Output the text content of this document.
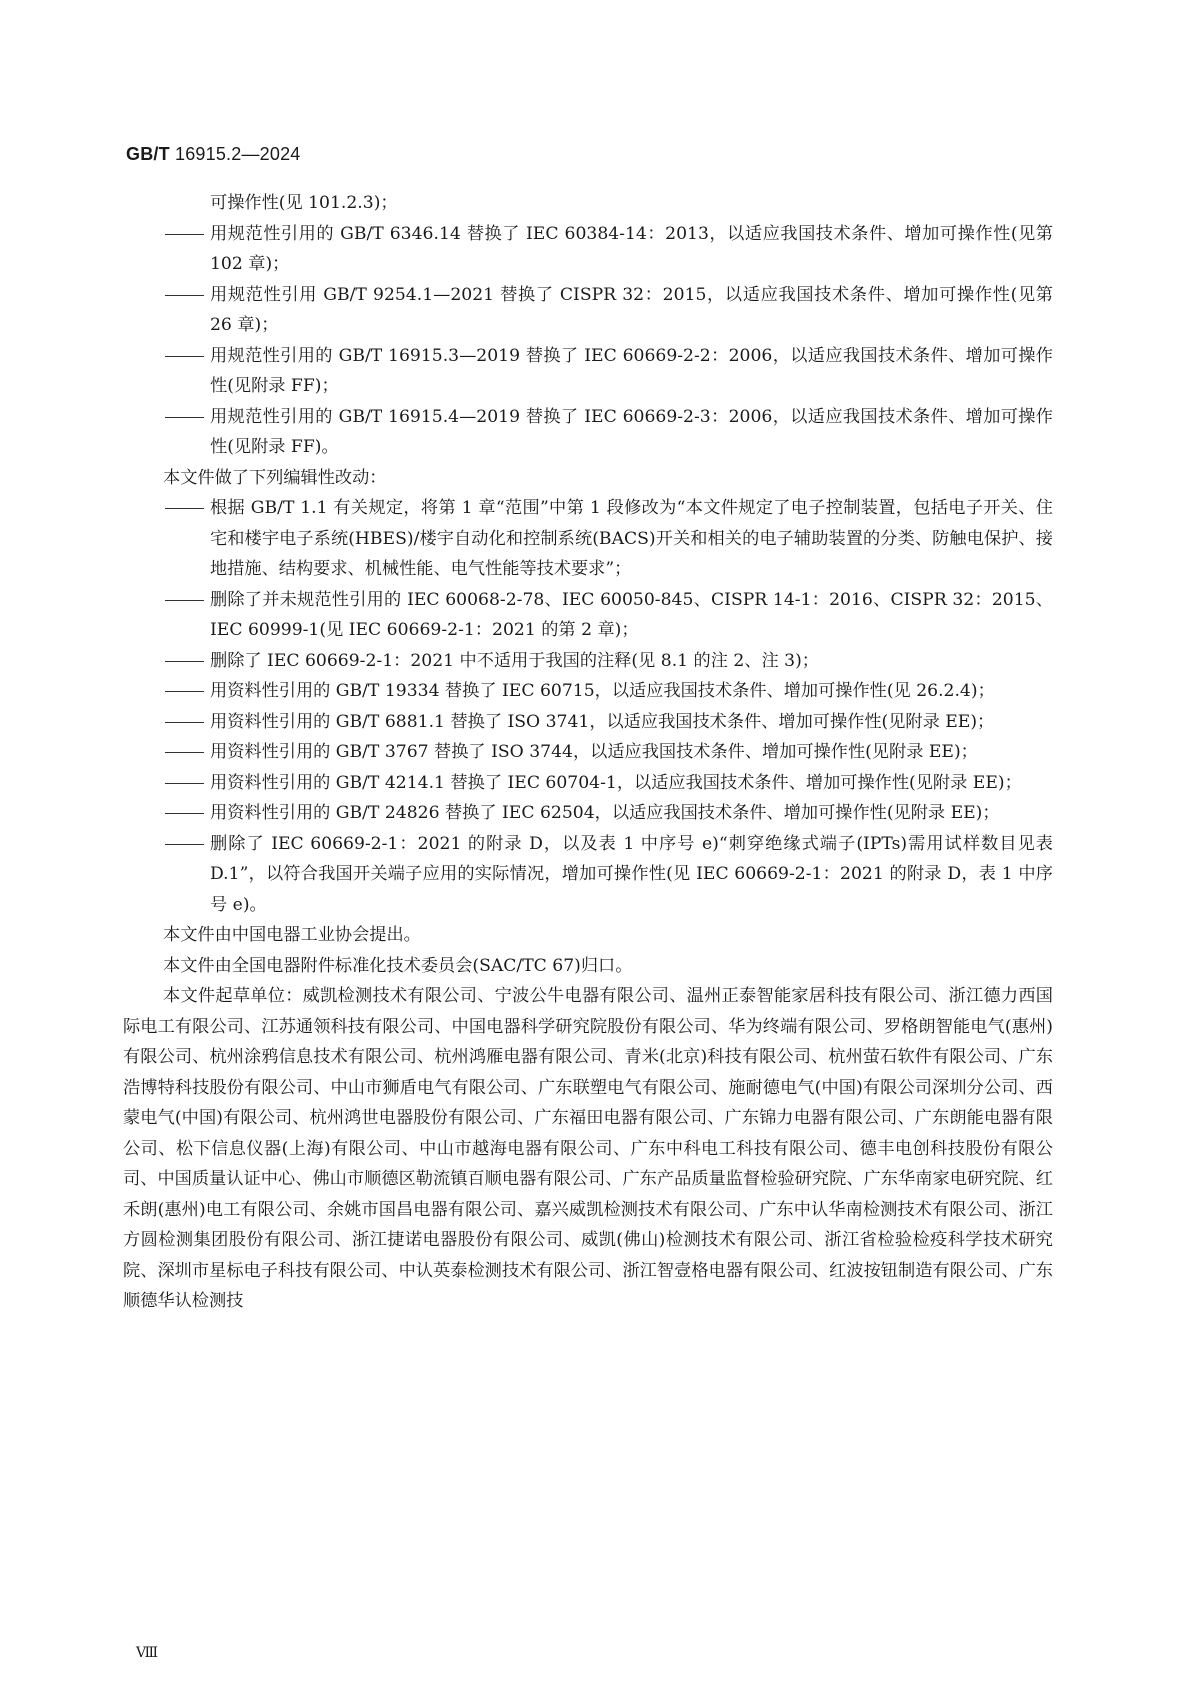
GB/T 16915.2—2024
可操作性(见 101.2.3)；
用规范性引用的 GB/T 6346.14 替换了 IEC 60384-14：2013，以适应我国技术条件、增加可操作性(见第 102 章)；
用规范性引用 GB/T 9254.1—2021 替换了 CISPR 32：2015，以适应我国技术条件、增加可操作性(见第 26 章)；
用规范性引用的 GB/T 16915.3—2019 替换了 IEC 60669-2-2：2006，以适应我国技术条件、增加可操作性(见附录 FF)；
用规范性引用的 GB/T 16915.4—2019 替换了 IEC 60669-2-3：2006，以适应我国技术条件、增加可操作性(见附录 FF)。
本文件做了下列编辑性改动：
根据 GB/T 1.1 有关规定，将第 1 章“范围”中第 1 段修改为“本文件规定了电子控制装置，包括电子开关、住宅和楼宇电子系统(HBES)/楼宇自动化和控制系统(BACS)开关和相关的电子辅助装置的分类、防触电保护、接地措施、结构要求、机械性能、电气性能等技术要求”；
删除了并未规范性引用的 IEC 60068-2-78、IEC 60050-845、CISPR 14-1：2016、CISPR 32：2015、IEC 60999-1(见 IEC 60669-2-1：2021 的第 2 章)；
删除了 IEC 60669-2-1：2021 中不适用于我国的注释(见 8.1 的注 2、注 3)；
用资料性引用的 GB/T 19334 替换了 IEC 60715，以适应我国技术条件、增加可操作性(见 26.2.4)；
用资料性引用的 GB/T 6881.1 替换了 ISO 3741，以适应我国技术条件、增加可操作性(见附录 EE)；
用资料性引用的 GB/T 3767 替换了 ISO 3744，以适应我国技术条件、增加可操作性(见附录 EE)；
用资料性引用的 GB/T 4214.1 替换了 IEC 60704-1，以适应我国技术条件、增加可操作性(见附录 EE)；
用资料性引用的 GB/T 24826 替换了 IEC 62504，以适应我国技术条件、增加可操作性(见附录 EE)；
删除了 IEC 60669-2-1：2021 的附录 D，以及表 1 中序号 e)“刺穿绝缘式端子(IPTs)需用试样数目见表 D.1”，以符合我国开关端子应用的实际情况，增加可操作性(见 IEC 60669-2-1：2021 的附录 D，表 1 中序号 e)。
本文件由中国电器工业协会提出。
本文件由全国电器附件标准化技术委员会(SAC/TC 67)归口。
本文件起草单位：威凯检测技术有限公司、宁波公牛电器有限公司、温州正泰智能家居科技有限公司、浙江德力西国际电工有限公司、江苏通领科技有限公司、中国电器科学研究院股份有限公司、华为终端有限公司、罗格朗智能电气(惠州)有限公司、杭州涂鸦信息技术有限公司、杭州鸿雁电器有限公司、青米(北京)科技有限公司、杭州萤石软件有限公司、广东浩博特科技股份有限公司、中山市狮盾电气有限公司、广东联塑电气有限公司、施耐德电气(中国)有限公司深圳分公司、西蒙电气(中国)有限公司、杭州鸿世电器股份有限公司、广东福田电器有限公司、广东锦力电器有限公司、广东朗能电器有限公司、松下信息仪器(上海)有限公司、中山市越海电器有限公司、广东中科电工科技有限公司、德丰电创科技股份有限公司、中国质量认证中心、佛山市顺德区勒流镇百顺电器有限公司、广东产品质量监督检验研究院、广东华南家电研究院、红禾朗(惠州)电工有限公司、余姚市国昌电器有限公司、嘉兴威凯检测技术有限公司、广东中认华南检测技术有限公司、浙江方圆检测集团股份有限公司、浙江捷诺电器股份有限公司、威凯(佛山)检测技术有限公司、浙江省检验检疫科学技术研究院、深圳市星标电子科技有限公司、中认英泰检测技术有限公司、浙江智壹格电器有限公司、红波按钮制造有限公司、广东顺德华认检测技
Ⅷ
